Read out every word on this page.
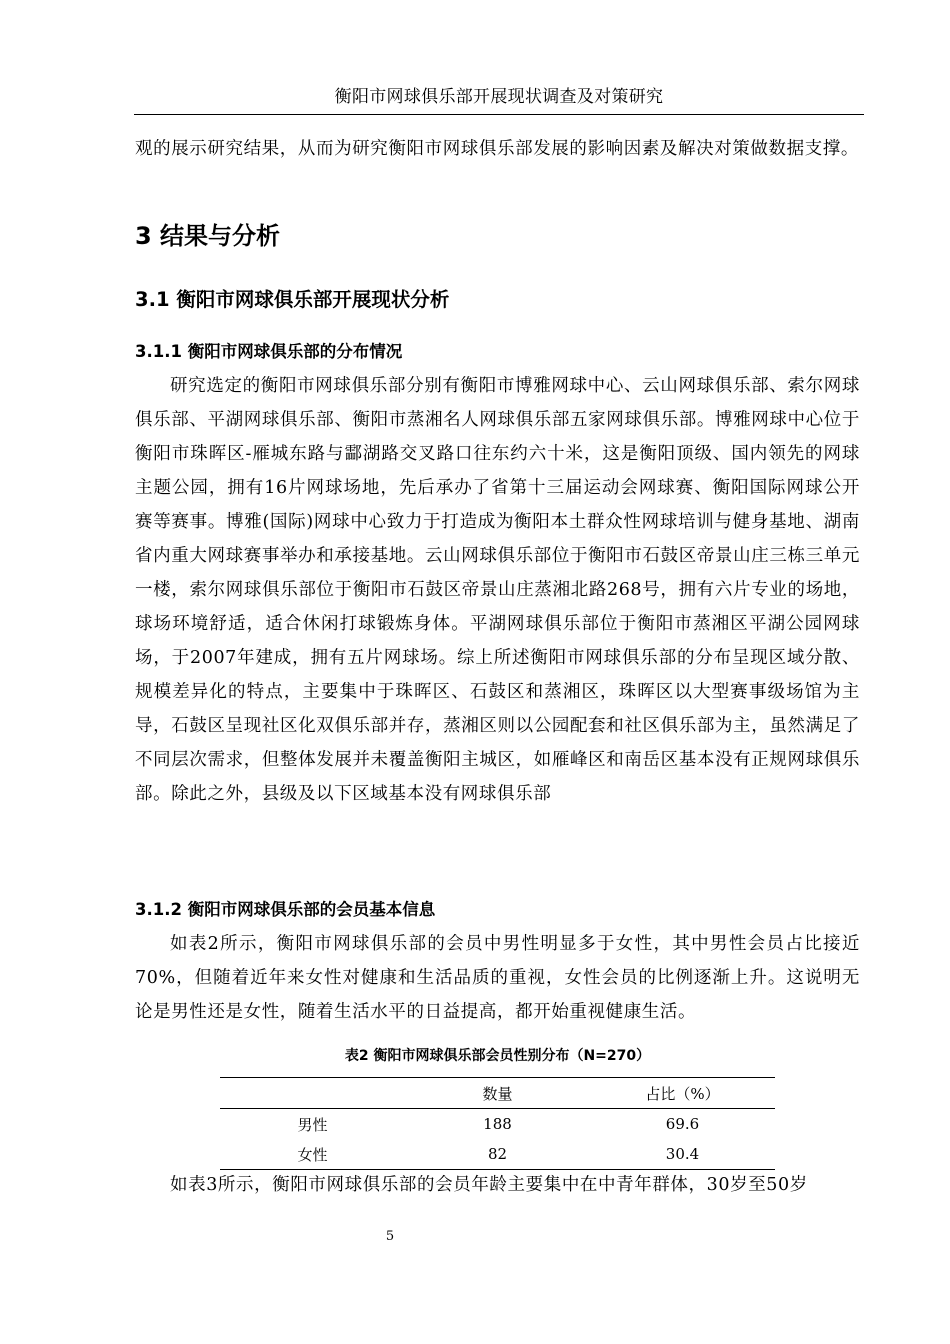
衡阳市网球俱乐部开展现状调查及对策研究

观的展示研究结果，从而为研究衡阳市网球俱乐部发展的影响因素及解决对策做数据支撑。

3 结果与分析
3.1 衡阳市网球俱乐部开展现状分析
3.1.1 衡阳市网球俱乐部的分布情况

研究选定的衡阳市网球俱乐部分别有衡阳市博雅网球中心、云山网球俱乐部、索尔网球俱乐部、平湖网球俱乐部、衡阳市蒸湘名人网球俱乐部五家网球俱乐部。博雅网球中心位于衡阳市珠晖区-雁城东路与酃湖路交叉路口往东约六十米，这是衡阳顶级、国内领先的网球主题公园，拥有16片网球场地，先后承办了省第十三届运动会网球赛、衡阳国际网球公开赛等赛事。博雅(国际)网球中心致力于打造成为衡阳本土群众性网球培训与健身基地、湖南省内重大网球赛事举办和承接基地。云山网球俱乐部位于衡阳市石鼓区帝景山庄三栋三单元一楼，索尔网球俱乐部位于衡阳市石鼓区帝景山庄蒸湘北路268号，拥有六片专业的场地，球场环境舒适，适合休闲打球锻炼身体。平湖网球俱乐部位于衡阳市蒸湘区平湖公园网球场，于2007年建成，拥有五片网球场。综上所述衡阳市网球俱乐部的分布呈现区域分散、规模差异化的特点，主要集中于珠晖区、石鼓区和蒸湘区，珠晖区以大型赛事级场馆为主导，石鼓区呈现社区化双俱乐部并存，蒸湘区则以公园配套和社区俱乐部为主，虽然满足了不同层次需求，但整体发展并未覆盖衡阳主城区，如雁峰区和南岳区基本没有正规网球俱乐部。除此之外，县级及以下区域基本没有网球俱乐部

3.1.2 衡阳市网球俱乐部的会员基本信息

如表2所示，衡阳市网球俱乐部的会员中男性明显多于女性，其中男性会员占比接近70%，但随着近年来女性对健康和生活品质的重视，女性会员的比例逐渐上升。这说明无论是男性还是女性，随着生活水平的日益提高，都开始重视健康生活。

表2 衡阳市网球俱乐部会员性别分布（N=270）
	数量	占比（%）
男性	188	69.6
女性	82	30.4

如表3所示，衡阳市网球俱乐部的会员年龄主要集中在中青年群体，30岁至50岁

5
